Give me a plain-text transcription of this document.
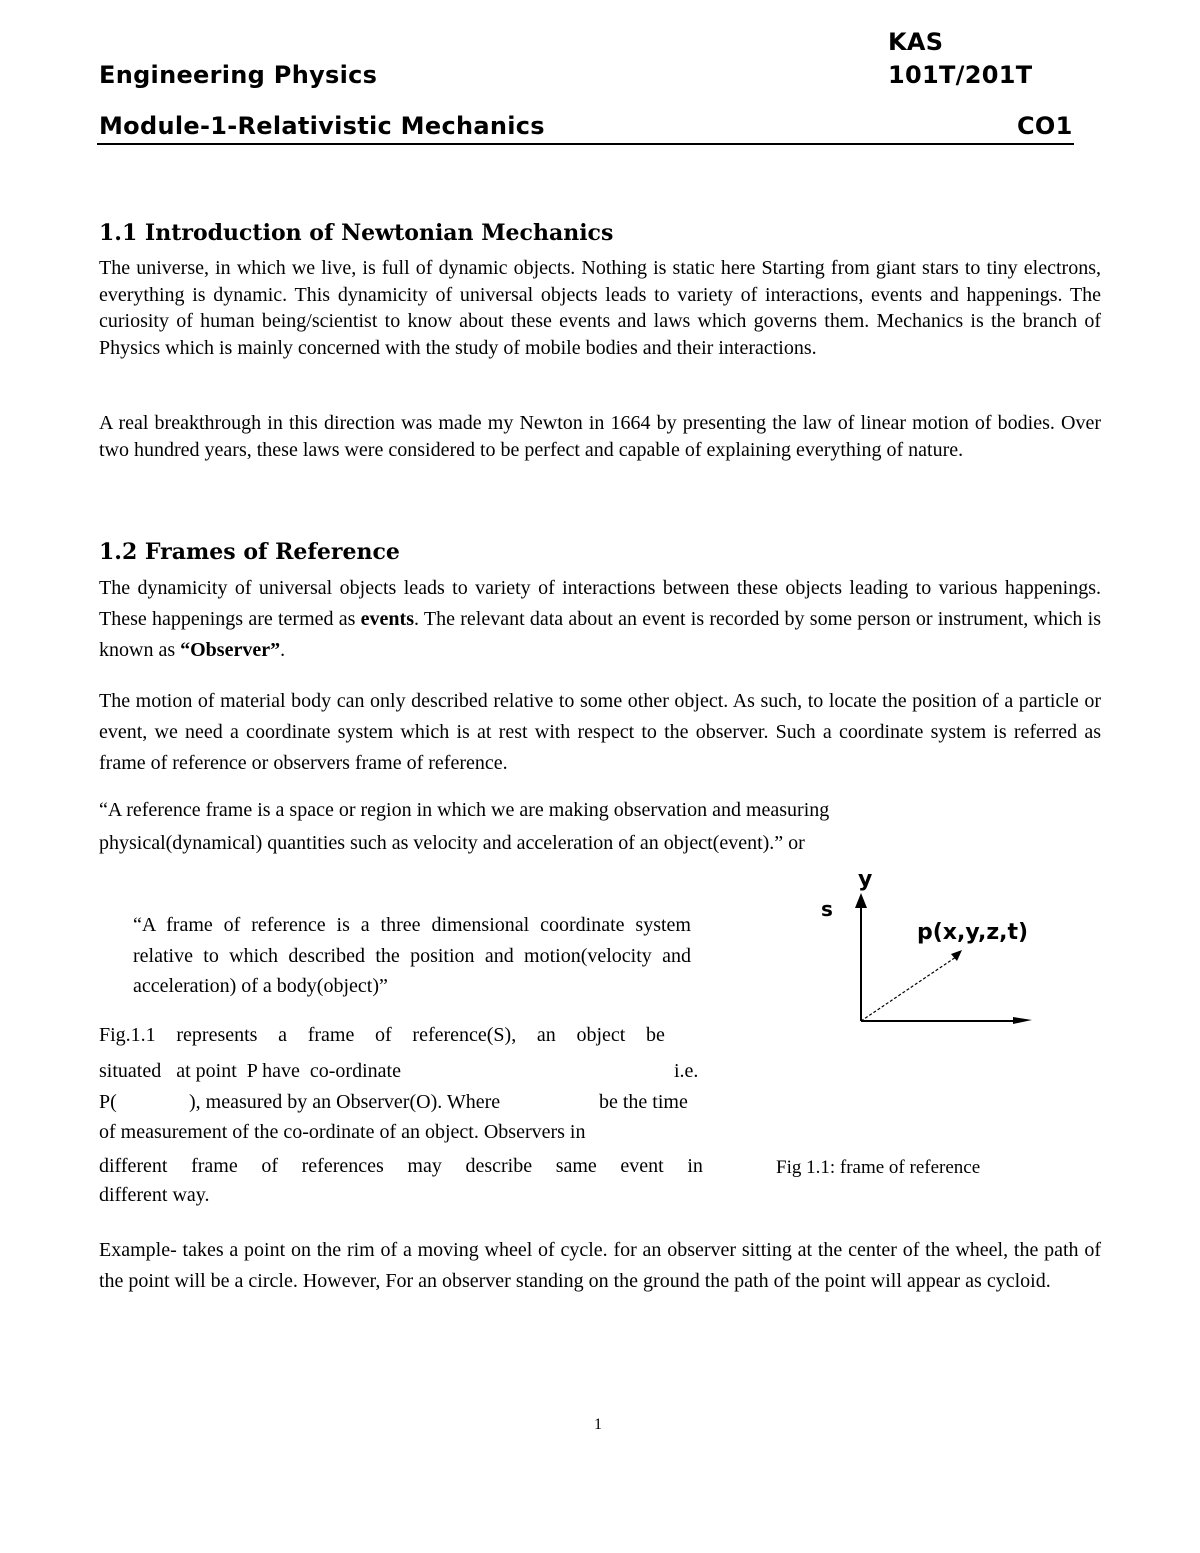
KAS
Engineering Physics	101T/201T
Module-1-Relativistic Mechanics	CO1
1.1 Introduction of Newtonian Mechanics
The universe, in which we live, is full of dynamic objects. Nothing is static here Starting from giant stars to tiny electrons, everything is dynamic. This dynamicity of universal objects leads to variety of interactions, events and happenings. The curiosity of human being/scientist to know about these events and laws which governs them. Mechanics is the branch of Physics which is mainly concerned with the study of mobile bodies and their interactions.
A real breakthrough in this direction was made my Newton in 1664 by presenting the law of linear motion of bodies. Over two hundred years, these laws were considered to be perfect and capable of explaining everything of nature.
1.2 Frames of Reference
The dynamicity of universal objects leads to variety of interactions between these objects leading to various happenings. These happenings are termed as events. The relevant data about an event is recorded by some person or instrument, which is known as “Observer”.
The motion of material body can only described relative to some other object. As such, to locate the position of a particle or event, we need a coordinate system which is at rest with respect to the observer. Such a coordinate system is referred as frame of reference or observers frame of reference.
“A reference frame is a space or region in which we are making observation and measuring
physical(dynamical) quantities such as velocity and acceleration of an object(event).” or
“A frame of reference is a three dimensional coordinate system relative to which described the position and motion(velocity and acceleration) of a body(object)”
Fig.1.1 represents a frame of reference(S), an object be
situated   at point  P have  co-ordinate	i.e.
P(	), measured by an Observer(O). Where	be the time
of measurement of the co-ordinate of an object. Observers in
different frame of references may describe same event in
different way.
s
y
p(x,y,z,t)
Fig 1.1: frame of reference
Example- takes a point on the rim of a moving wheel of cycle. for an observer sitting at the center of the wheel, the path of the point will be a circle. However, For an observer standing on the ground the path of the point will appear as cycloid.
1
